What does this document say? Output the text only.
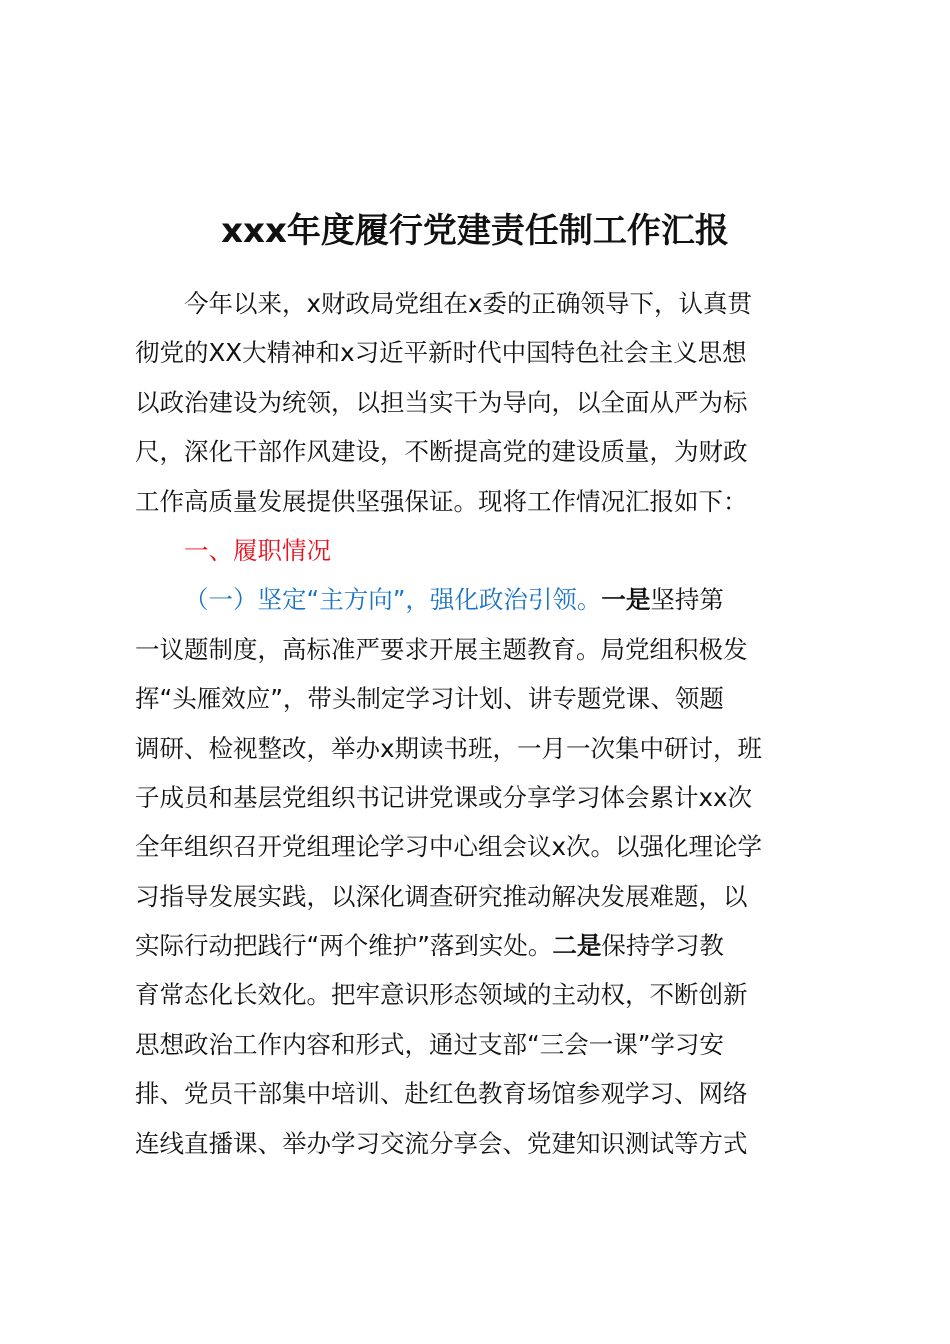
xxx年度履行党建责任制工作汇报

今年以来，x财政局党组在x委的正确领导下，认真贯

彻党的XX大精神和x习近平新时代中国特色社会主义思想

以政治建设为统领，以担当实干为导向，以全面从严为标

尺，深化干部作风建设，不断提高党的建设质量，为财政

工作高质量发展提供坚强保证。现将工作情况汇报如下：

一、履职情况

（一）坚定“主方向”，强化政治引领。一是坚持第

一议题制度，高标准严要求开展主题教育。局党组积极发

挥“头雁效应”，带头制定学习计划、讲专题党课、领题

调研、检视整改，举办x期读书班，一月一次集中研讨，班

子成员和基层党组织书记讲党课或分享学习体会累计xx次

全年组织召开党组理论学习中心组会议x次。以强化理论学

习指导发展实践，以深化调查研究推动解决发展难题，以

实际行动把践行“两个维护”落到实处。二是保持学习教

育常态化长效化。把牢意识形态领域的主动权，不断创新

思想政治工作内容和形式，通过支部“三会一课”学习安

排、党员干部集中培训、赴红色教育场馆参观学习、网络

连线直播课、举办学习交流分享会、党建知识测试等方式
